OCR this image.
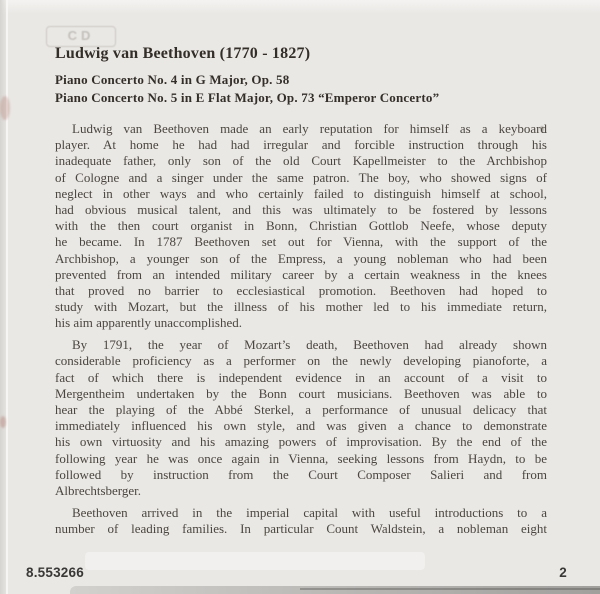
CD
Ludwig van Beethoven (1770 - 1827)

Piano Concerto No. 4 in G Major, Op. 58

Piano Concerto No. 5 in E Flat Major, Op. 73 “Emperor Concerto”

Ludwig van Beethoven made an early reputation for himself as a keyboard
player. At home he had had irregular and forcible instruction through his
inadequate father, only son of the old Court Kapellmeister to the Archbishop
of Cologne and a singer under the same patron. The boy, who showed signs of
neglect in other ways and who certainly failed to distinguish himself at school,
had obvious musical talent, and this was ultimately to be fostered by lessons
with the then court organist in Bonn, Christian Gottlob Neefe, whose deputy
he became. In 1787 Beethoven set out for Vienna, with the support of the
Archbishop, a younger son of the Empress, a young nobleman who had been
prevented from an intended military career by a certain weakness in the knees
that proved no barrier to ecclesiastical promotion. Beethoven had hoped to
study with Mozart, but the illness of his mother led to his immediate return,
his aim apparently unaccomplished.

By 1791, the year of Mozart’s death, Beethoven had already shown
considerable proficiency as a performer on the newly developing pianoforte, a
fact of which there is independent evidence in an account of a visit to
Mergentheim undertaken by the Bonn court musicians. Beethoven was able to
hear the playing of the Abbé Sterkel, a performance of unusual delicacy that
immediately influenced his own style, and was given a chance to demonstrate
his own virtuosity and his amazing powers of improvisation. By the end of the
following year he was once again in Vienna, seeking lessons from Haydn, to be
followed by instruction from the Court Composer Salieri and from
Albrechtsberger.

Beethoven arrived in the imperial capital with useful introductions to a
number of leading families. In particular Count Waldstein, a nobleman eight

8.553266	2
